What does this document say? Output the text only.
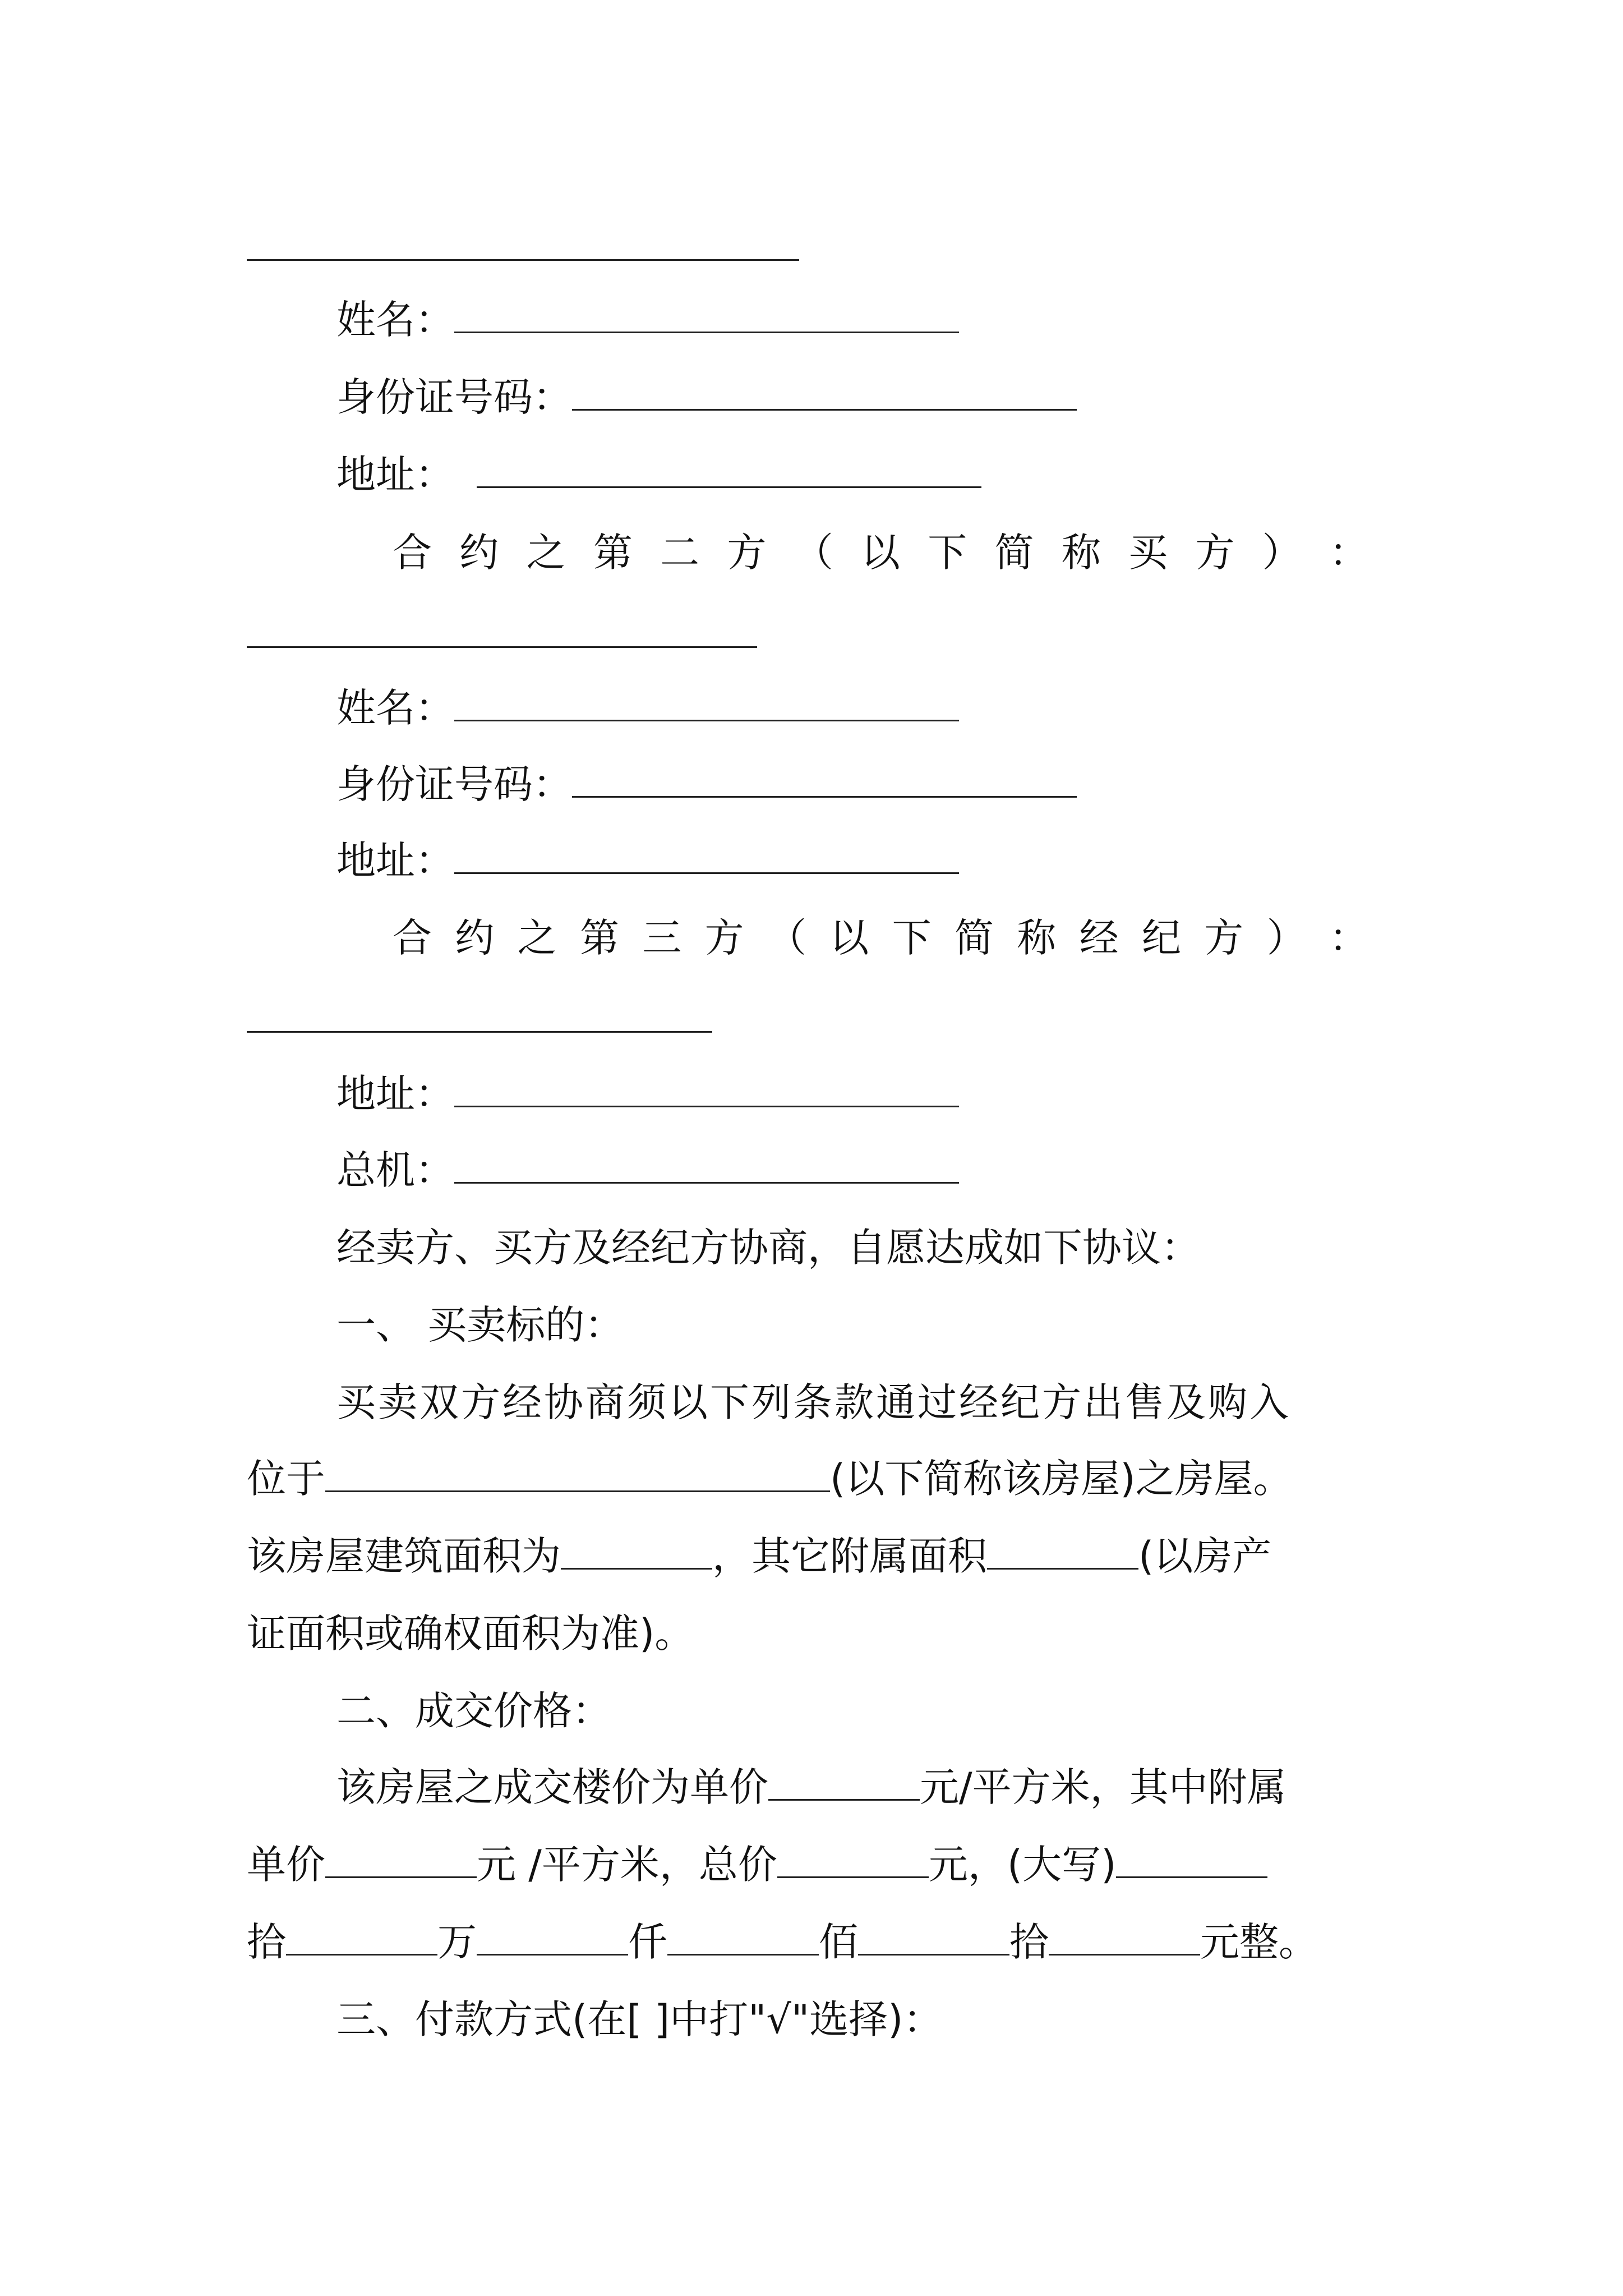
姓名：
身份证号码：
地址：
合 约 之 第 二 方 （ 以 下 简 称 买 方 ） ：
姓名：
身份证号码：
地址：
合 约 之 第 三 方 （ 以 下 简 称 经 纪 方 ） ：
地址：
总机：
经卖方、买方及经纪方协商，自愿达成如下协议：
一、 买卖标的：
买卖双方经协商须以下列条款通过经纪方出售及购入
位于	(以下简称该房屋)之房屋。
该房屋建筑面积为	，其它附属面积	(以房产
证面积或确权面积为准)。
二、成交价格：
该房屋之成交楼价为单价	元/平方米，其中附属
单价	元 /平方米，总价	元，(大写)
拾	万	仟	佰	拾	元整。
三、付款方式(在[ ]中打"√"选择)：
